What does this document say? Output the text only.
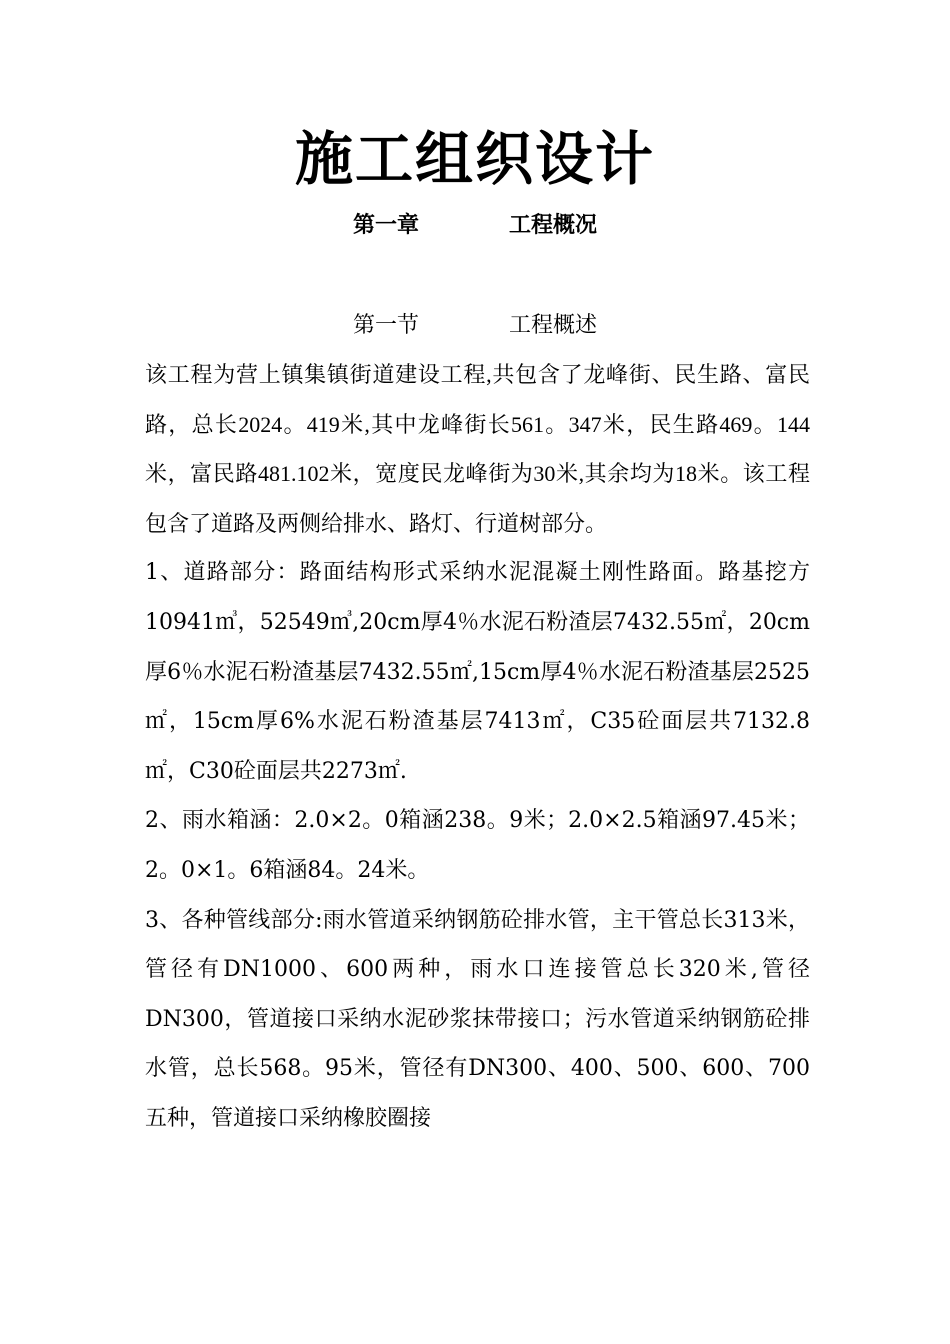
施工组织设计
第一章	工程概况
第一节	工程概述

该工程为营上镇集镇街道建设工程,共包含了龙峰街、民生路、富民路，总长2024。419米,其中龙峰街长561。347米，民生路469。144米，富民路481.102米，宽度民龙峰街为30米,其余均为18米。该工程包含了道路及两侧给排水、路灯、行道树部分。

1、道路部分：路面结构形式采纳水泥混凝土刚性路面。路基挖方10941㎥，52549㎥,20cm厚4％水泥石粉渣层7432.55㎡，20cm厚6％水泥石粉渣基层7432.55㎡,15cm厚4％水泥石粉渣基层2525 ㎡，15cm厚6%水泥石粉渣基层7413㎡，C35砼面层共7132.8㎡，C30砼面层共2273㎡.

2、雨水箱涵：2.0×2。0箱涵238。9米；2.0×2.5箱涵97.45米；2。0×1。6箱涵84。24米。

3、各种管线部分:雨水管道采纳钢筋砼排水管，主干管总长313米，管径有DN1000、600两种，雨水口连接管总长320米,管径DN300，管道接口采纳水泥砂浆抹带接口；污水管道采纳钢筋砼排水管，总长568。95米，管径有DN300、400、500、600、700五种，管道接口采纳橡胶圈接
